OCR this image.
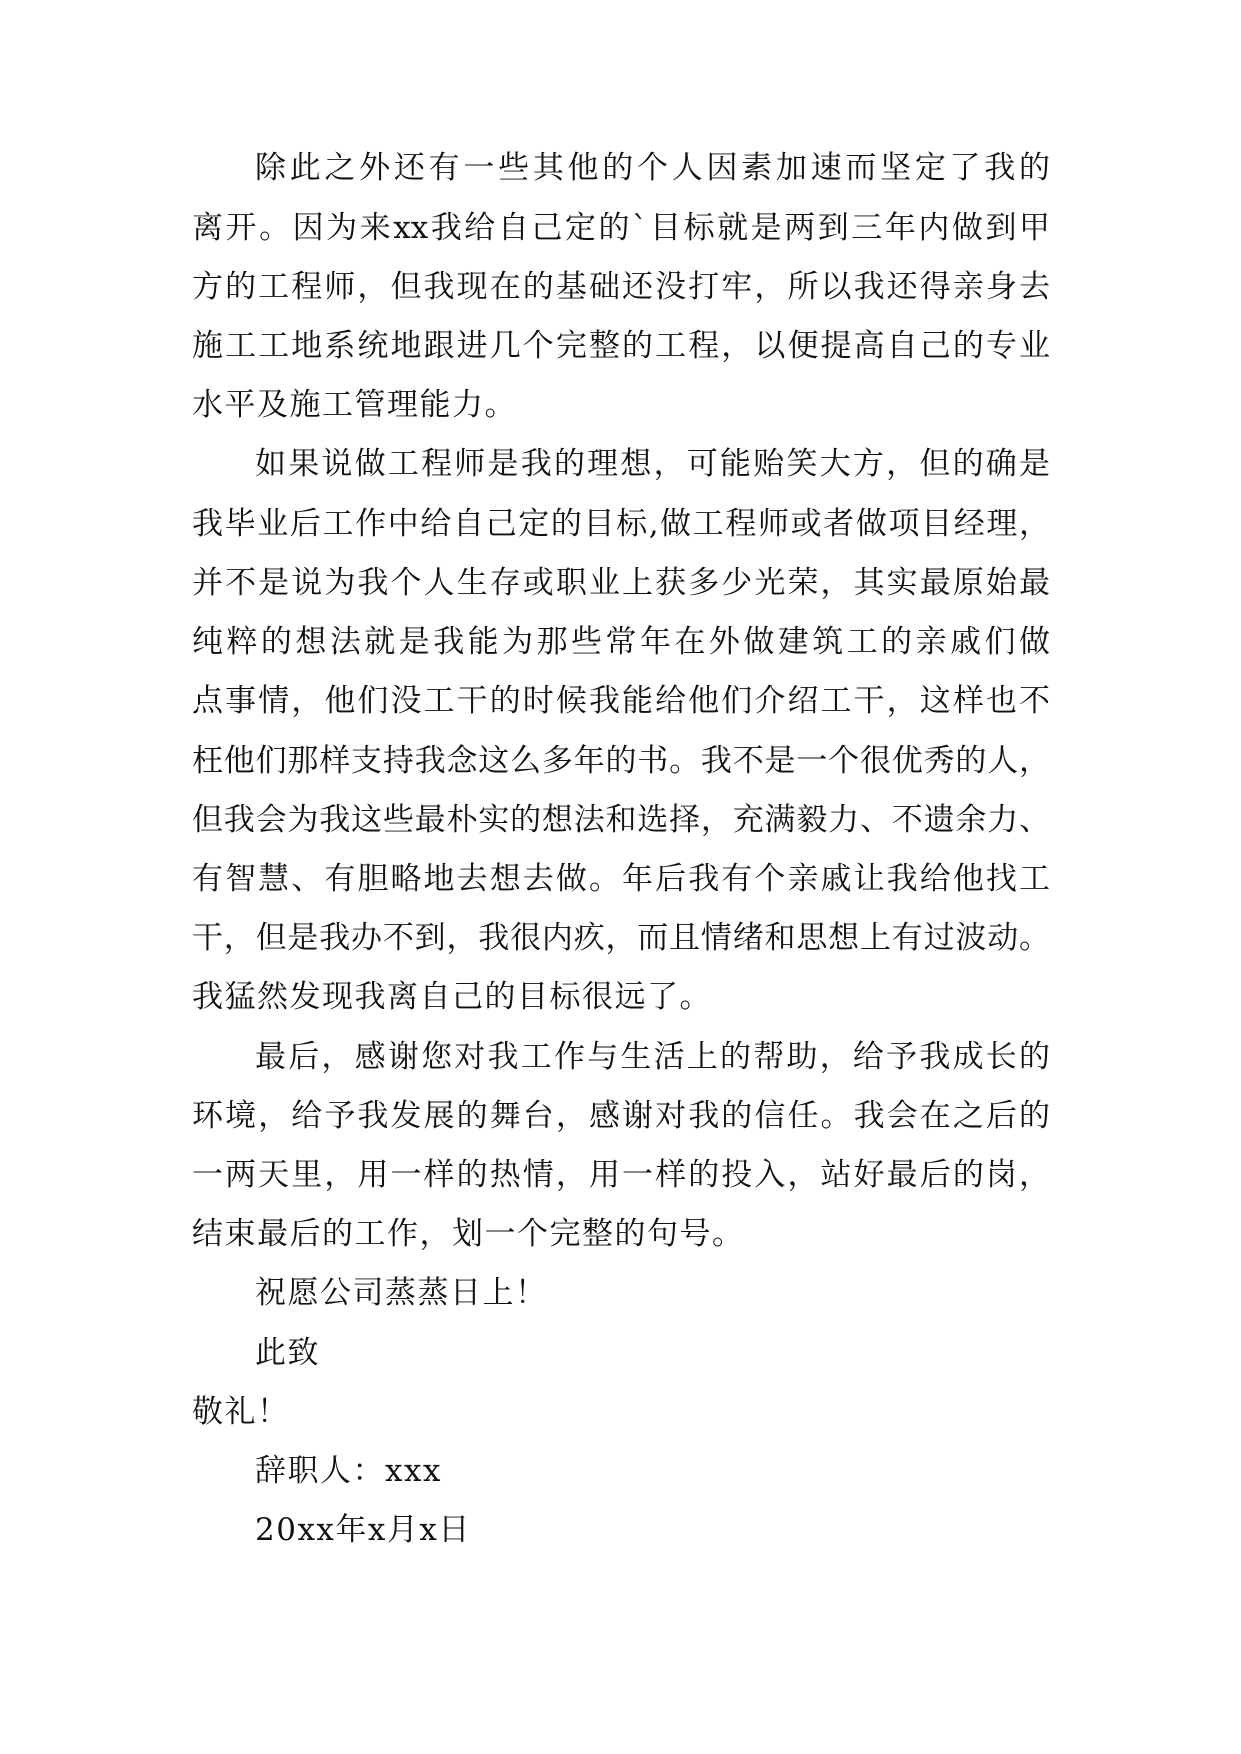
除此之外还有一些其他的个人因素加速而坚定了我的
离开。因为来xx我给自己定的`目标就是两到三年内做到甲
方的工程师，但我现在的基础还没打牢，所以我还得亲身去
施工工地系统地跟进几个完整的工程，以便提高自己的专业
水平及施工管理能力。
如果说做工程师是我的理想，可能贻笑大方，但的确是
我毕业后工作中给自己定的目标,做工程师或者做项目经理，
并不是说为我个人生存或职业上获多少光荣，其实最原始最
纯粹的想法就是我能为那些常年在外做建筑工的亲戚们做
点事情，他们没工干的时候我能给他们介绍工干，这样也不
枉他们那样支持我念这么多年的书。我不是一个很优秀的人，
但我会为我这些最朴实的想法和选择，充满毅力、不遗余力、
有智慧、有胆略地去想去做。年后我有个亲戚让我给他找工
干，但是我办不到，我很内疚，而且情绪和思想上有过波动。
我猛然发现我离自己的目标很远了。
最后，感谢您对我工作与生活上的帮助，给予我成长的
环境，给予我发展的舞台，感谢对我的信任。我会在之后的
一两天里，用一样的热情，用一样的投入，站好最后的岗，
结束最后的工作，划一个完整的句号。
祝愿公司蒸蒸日上！
此致
敬礼！
辞职人：xxx
20xx年x月x日
